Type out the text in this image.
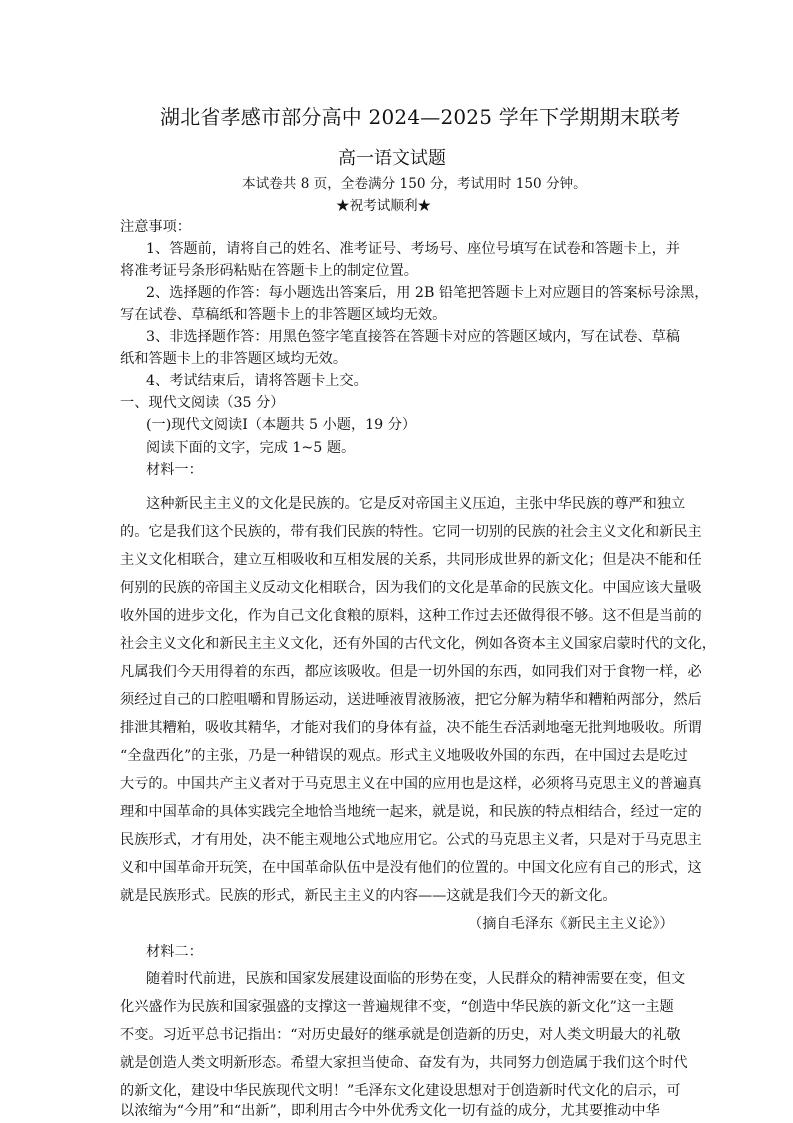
湖北省孝感市部分高中 2024—2025 学年下学期期末联考
高一语文试题
本试卷共 8 页，全卷满分 150 分，考试用时 150 分钟。
★祝考试顺利★
注意事项：
1、答题前，请将自己的姓名、准考证号、考场号、座位号填写在试卷和答题卡上，并
将准考证号条形码粘贴在答题卡上的制定位置。
2、选择题的作答：每小题选出答案后，用 2B 铅笔把答题卡上对应题目的答案标号涂黑，
写在试卷、草稿纸和答题卡上的非答题区域均无效。
3、非选择题作答：用黑色签字笔直接答在答题卡对应的答题区域内，写在试卷、草稿
纸和答题卡上的非答题区域均无效。
4、考试结束后，请将答题卡上交。
一、现代文阅读（35 分）
(一)现代文阅读Ⅰ（本题共 5 小题，19 分）
阅读下面的文字，完成 1~5 题。
材料一：
这种新民主主义的文化是民族的。它是反对帝国主义压迫，主张中华民族的尊严和独立
的。它是我们这个民族的，带有我们民族的特性。它同一切别的民族的社会主义文化和新民主
主义文化相联合，建立互相吸收和互相发展的关系，共同形成世界的新文化；但是决不能和任
何别的民族的帝国主义反动文化相联合，因为我们的文化是革命的民族文化。中国应该大量吸
收外国的进步文化，作为自己文化食粮的原料，这种工作过去还做得很不够。这不但是当前的
社会主义文化和新民主主义文化，还有外国的古代文化，例如各资本主义国家启蒙时代的文化，
凡属我们今天用得着的东西，都应该吸收。但是一切外国的东西，如同我们对于食物一样，必
须经过自己的口腔咀嚼和胃肠运动，送进唾液胃液肠液，把它分解为精华和糟粕两部分，然后
排泄其糟粕，吸收其精华，才能对我们的身体有益，决不能生吞活剥地毫无批判地吸收。所谓
“全盘西化”的主张，乃是一种错误的观点。形式主义地吸收外国的东西，在中国过去是吃过
大亏的。中国共产主义者对于马克思主义在中国的应用也是这样，必须将马克思主义的普遍真
理和中国革命的具体实践完全地恰当地统一起来，就是说，和民族的特点相结合，经过一定的
民族形式，才有用处，决不能主观地公式地应用它。公式的马克思主义者，只是对于马克思主
义和中国革命开玩笑，在中国革命队伍中是没有他们的位置的。中国文化应有自己的形式，这
就是民族形式。民族的形式，新民主主义的内容——这就是我们今天的新文化。
（摘自毛泽东《新民主主义论》）
材料二：
随着时代前进，民族和国家发展建设面临的形势在变，人民群众的精神需要在变，但文
化兴盛作为民族和国家强盛的支撑这一普遍规律不变，“创造中华民族的新文化”这一主题
不变。习近平总书记指出：“对历史最好的继承就是创造新的历史，对人类文明最大的礼敬
就是创造人类文明新形态。希望大家担当使命、奋发有为，共同努力创造属于我们这个时代
的新文化，建设中华民族现代文明！”毛泽东文化建设思想对于创造新时代文化的启示，可
以浓缩为“今用”和“出新”，即利用古今中外优秀文化一切有益的成分，尤其要推动中华
